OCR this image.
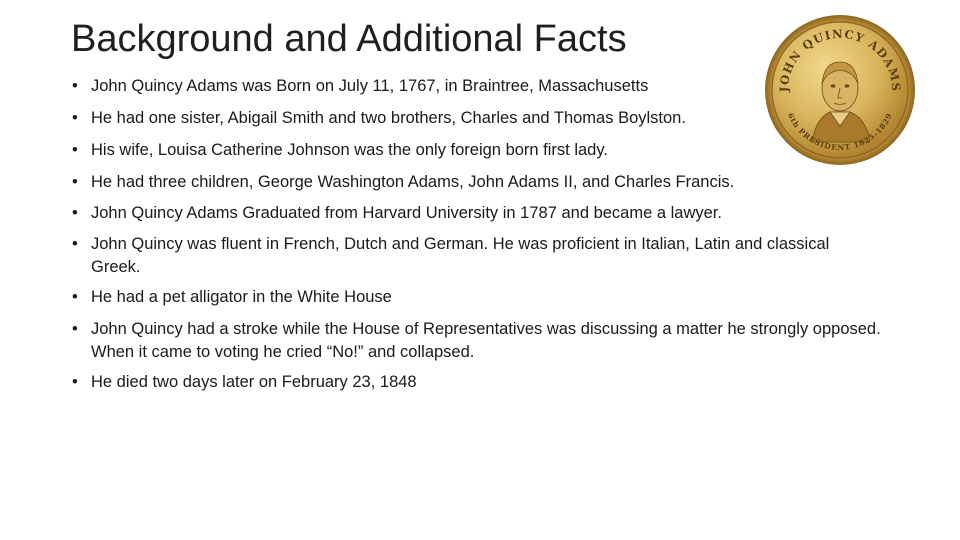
Background and Additional Facts
• John Quincy Adams was Born on July 11, 1767, in Braintree, Massachusetts
• He had one sister, Abigail Smith and two brothers, Charles and Thomas Boylston.
• His wife, Louisa Catherine Johnson was the only foreign born first lady.
• He had three children, George Washington Adams, John Adams II, and Charles Francis.
• John Quincy Adams Graduated from Harvard University in 1787 and became a lawyer.
• John Quincy was fluent in French, Dutch and German. He was proficient in Italian, Latin and classical Greek.
• He had a pet alligator in the White House
• John Quincy had a stroke while the House of Representatives was discussing a matter he strongly opposed. When it came to voting he cried “No!” and collapsed.
• He died two days later on February 23, 1848
JOHN QUINCY ADAMS
6th PRESIDENT 1825-1829
